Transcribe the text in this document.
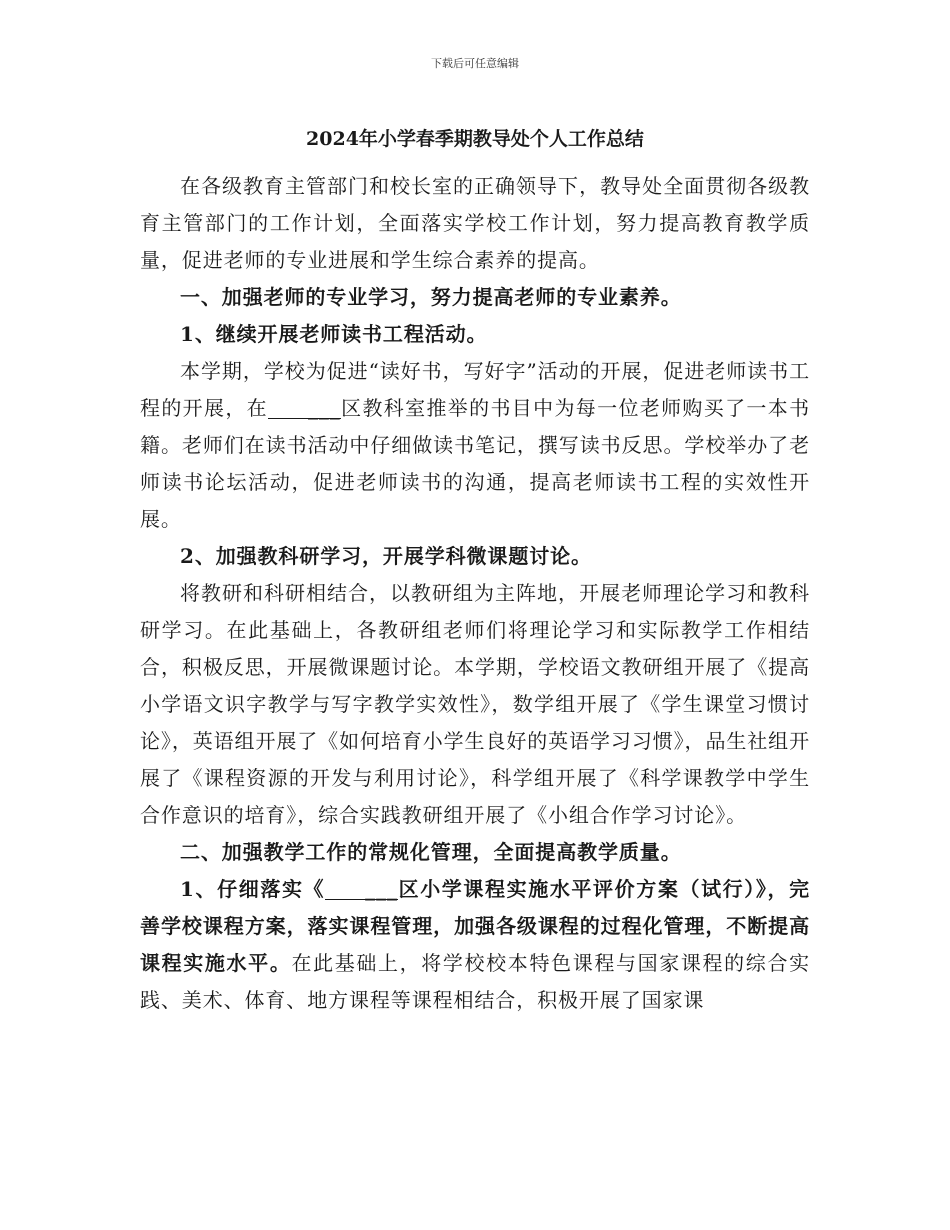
下载后可任意编辑
2024年小学春季期教导处个人工作总结

在各级教育主管部门和校长室的正确领导下，教导处全面贯彻各级教育主管部门的工作计划，全面落实学校工作计划，努力提高教育教学质量，促进老师的专业进展和学生综合素养的提高。

一、加强老师的专业学习，努力提高老师的专业素养。

1、继续开展老师读书工程活动。

本学期，学校为促进“读好书，写好字”活动的开展，促进老师读书工程的开展，在 ___区教科室推举的书目中为每一位老师购买了一本书籍。老师们在读书活动中仔细做读书笔记，撰写读书反思。学校举办了老师读书论坛活动，促进老师读书的沟通，提高老师读书工程的实效性开展。

2、加强教科研学习，开展学科微课题讨论。

将教研和科研相结合，以教研组为主阵地，开展老师理论学习和教科研学习。在此基础上，各教研组老师们将理论学习和实际教学工作相结合，积极反思，开展微课题讨论。本学期，学校语文教研组开展了《提高小学语文识字教学与写字教学实效性》，数学组开展了《学生课堂习惯讨论》，英语组开展了《如何培育小学生良好的英语学习习惯》，品生社组开展了《课程资源的开发与利用讨论》，科学组开展了《科学课教学中学生合作意识的培育》，综合实践教研组开展了《小组合作学习讨论》。

二、加强教学工作的常规化管理，全面提高教学质量。

1、仔细落实《 ___区小学课程实施水平评价方案（试行）》，完善学校课程方案，落实课程管理，加强各级课程的过程化管理，不断提高课程实施水平。在此基础上，将学校校本特色课程与国家课程的综合实践、美术、体育、地方课程等课程相结合，积极开展了国家课
